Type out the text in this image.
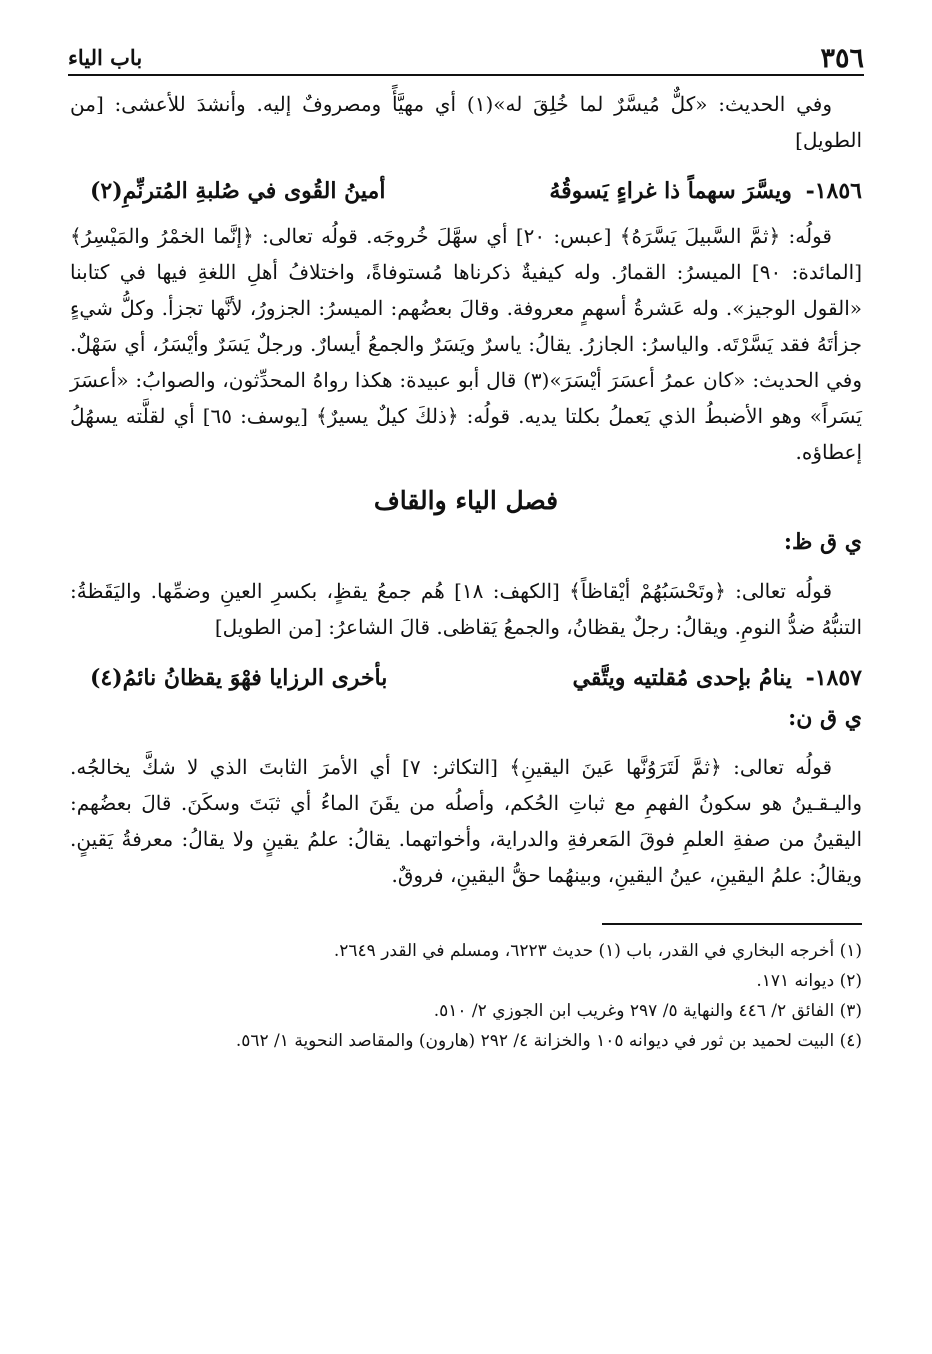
٣٥٦
باب الياء

وفي الحديث: «كلٌّ مُيسَّرٌ لما خُلِقَ له»(١) أي مهيَّأً ومصروفٌ إليه. وأنشدَ للأعشى: [من الطويل]

١٨٥٦- ويسَّرَ سهماً ذا غراءٍ يَسوقُهُ
أمينُ القُوى في صُلبةِ المُترنِّمِ(٢)

قولُه: ﴿ثمَّ السَّبيلَ يَسَّرَهُ﴾ [عبس: ٢٠] أي سهَّلَ خُروجَه. قولُه تعالى: ﴿إنَّما الخمْرُ والمَيْسِرُ﴾ [المائدة: ٩٠] الميسرُ: القمارُ. وله كيفيةٌ ذكرناها مُستوفاةً، واختلافُ أهلِ اللغةِ فيها في كتابنا «القول الوجيز». وله عَشرةُ أسهمٍ معروفة. وقالَ بعضُهم: الميسرُ: الجزورُ، لأنَّها تجزأ. وكلُّ شيءٍ جزأتَهُ فقد يَسَّرْتَه. والياسرُ: الجازرُ. يقالُ: ياسرٌ ويَسَرٌ والجمعُ أيسارٌ. ورجلٌ يَسَرٌ وأيْسَرُ، أي سَهْلٌ. وفي الحديث: «كان عمرُ أعسَرَ أيْسَرَ»(٣) قال أبو عبيدة: هكذا رواهُ المحدِّثون، والصوابُ: «أعسَرَ يَسَراً» وهو الأضبطُ الذي يَعملُ بكلتا يديه. قولُه: ﴿ذلكَ كيلٌ يسيرٌ﴾ [يوسف: ٦٥] أي لقلَّته يسهُلُ إعطاؤه.

فصل الياء والقاف
ي ق ظ:

قولُه تعالى: ﴿وتَحْسَبُهُمْ أيْقاظاً﴾ [الكهف: ١٨] هُم جمعُ يقظٍ، بكسرِ العينِ وضمِّها. واليَقَظةُ: التنبُّهُ ضدُّ النومِ. ويقالُ: رجلٌ يقظانُ، والجمعُ يَقاظى. قالَ الشاعرُ: [من الطويل]

١٨٥٧- ينامُ بإحدى مُقلتيه ويتَّقي
بأخرى الرزايا فهْوَ يقظانُ نائمُ(٤)
ي ق ن:

قولُه تعالى: ﴿ثمَّ لَتَرَوُنَّها عَينَ اليقينِ﴾ [التكاثر: ٧] أي الأمرَ الثابتَ الذي لا شكَّ يخالجُه. واليـقـينُ هو سكونُ الفهمِ مع ثباتِ الحُكم، وأصلُه من يقَنَ الماءُ أي ثبَتَ وسكَنَ. قالَ بعضُهم: اليقينُ من صفةِ العلمِ فوقَ المَعرفةِ والدراية، وأخواتهما. يقالُ: علمُ يقينٍ ولا يقالُ: معرفةُ يَقينٍ. ويقالُ: علمُ اليقينِ، عينُ اليقينِ، وبينهُما حقُّ اليقينِ، فروقٌ.

(١) أخرجه البخاري في القدر، باب (١) حديث ٦٢٢٣، ومسلم في القدر ٢٦٤٩.

(٢) ديوانه ١٧١.

(٣) الفائق ٢/ ٤٤٦ والنهاية ٥/ ٢٩٧ وغريب ابن الجوزي ٢/ ٥١٠.

(٤) البيت لحميد بن ثور في ديوانه ١٠٥ والخزانة ٤/ ٢٩٢ (هارون) والمقاصد النحوية ١/ ٥٦٢.
